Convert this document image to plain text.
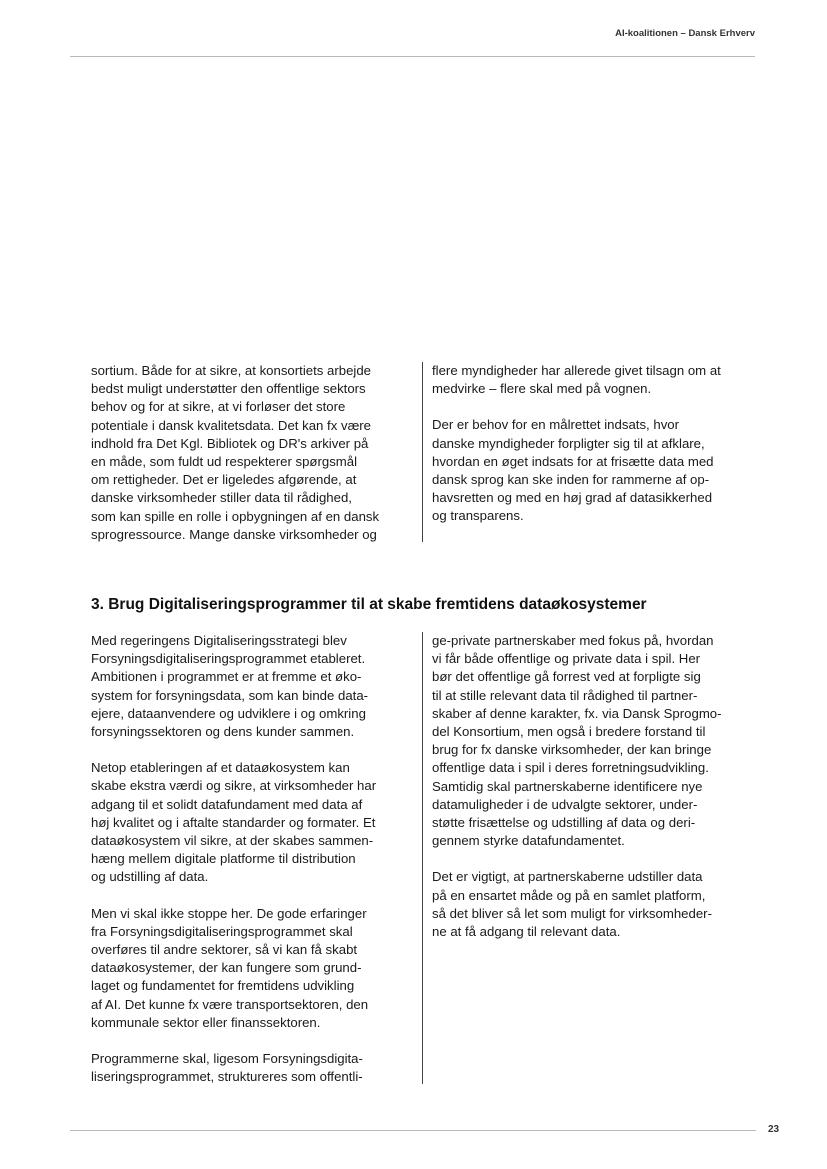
AI-koalitionen – Dansk Erhverv

sortium. Både for at sikre, at konsortiets arbejde
bedst muligt understøtter den offentlige sektors
behov og for at sikre, at vi forløser det store
potentiale i dansk kvalitetsdata. Det kan fx være
indhold fra Det Kgl. Bibliotek og DR's arkiver på
en måde, som fuldt ud respekterer spørgsmål
om rettigheder. Det er ligeledes afgørende, at
danske virksomheder stiller data til rådighed,
som kan spille en rolle i opbygningen af en dansk
sprogressource. Mange danske virksomheder og

flere myndigheder har allerede givet tilsagn om at
medvirke – flere skal med på vognen.

Der er behov for en målrettet indsats, hvor
danske myndigheder forpligter sig til at afklare,
hvordan en øget indsats for at frisætte data med
dansk sprog kan ske inden for rammerne af op-
havsretten og med en høj grad af datasikkerhed
og transparens.

3. Brug Digitaliseringsprogrammer til at skabe fremtidens dataøkosystemer

Med regeringens Digitaliseringsstrategi blev
Forsyningsdigitaliseringsprogrammet etableret.
Ambitionen i programmet er at fremme et øko-
system for forsyningsdata, som kan binde data-
ejere, dataanvendere og udviklere i og omkring
forsyningssektoren og dens kunder sammen.

Netop etableringen af et dataøkosystem kan
skabe ekstra værdi og sikre, at virksomheder har
adgang til et solidt datafundament med data af
høj kvalitet og i aftalte standarder og formater. Et
dataøkosystem vil sikre, at der skabes sammen-
hæng mellem digitale platforme til distribution
og udstilling af data.

Men vi skal ikke stoppe her. De gode erfaringer
fra Forsyningsdigitaliseringsprogrammet skal
overføres til andre sektorer, så vi kan få skabt
dataøkosystemer, der kan fungere som grund-
laget og fundamentet for fremtidens udvikling
af AI. Det kunne fx være transportsektoren, den
kommunale sektor eller finanssektoren.

Programmerne skal, ligesom Forsyningsdigita-
liseringsprogrammet, struktureres som offentli-

ge-private partnerskaber med fokus på, hvordan
vi får både offentlige og private data i spil. Her
bør det offentlige gå forrest ved at forpligte sig
til at stille relevant data til rådighed til partner-
skaber af denne karakter, fx. via Dansk Sprogmo-
del Konsortium, men også i bredere forstand til
brug for fx danske virksomheder, der kan bringe
offentlige data i spil i deres forretningsudvikling.
Samtidig skal partnerskaberne identificere nye
datamuligheder i de udvalgte sektorer, under-
støtte frisættelse og udstilling af data og deri-
gennem styrke datafundamentet.

Det er vigtigt, at partnerskaberne udstiller data
på en ensartet måde og på en samlet platform,
så det bliver så let som muligt for virksomheder-
ne at få adgang til relevant data.

23
